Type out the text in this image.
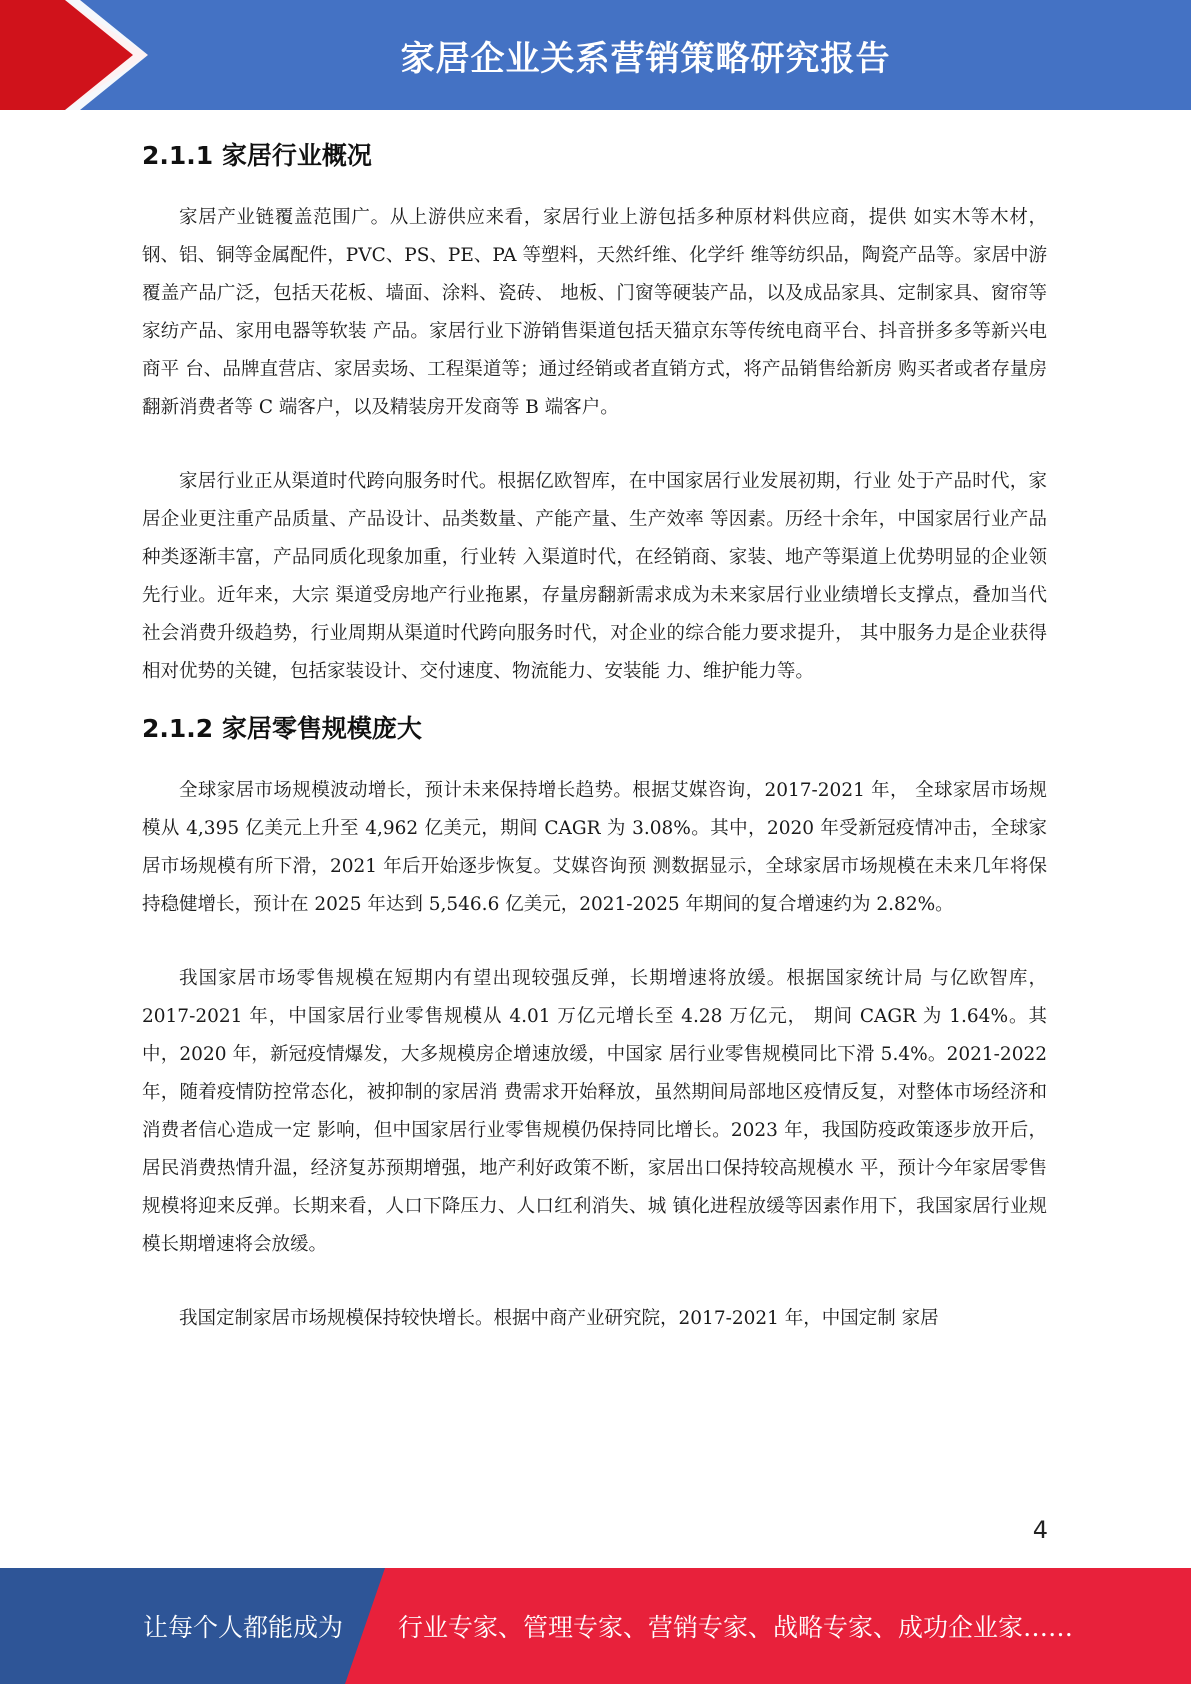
家居企业关系营销策略研究报告
2.1.1 家居行业概况

家居产业链覆盖范围广。从上游供应来看，家居行业上游包括多种原材料供应商，提供 如实木等木材，钢、铝、铜等金属配件，PVC、PS、PE、PA 等塑料，天然纤维、化学纤 维等纺织品，陶瓷产品等。家居中游覆盖产品广泛，包括天花板、墙面、涂料、瓷砖、 地板、门窗等硬装产品，以及成品家具、定制家具、窗帘等家纺产品、家用电器等软装 产品。家居行业下游销售渠道包括天猫京东等传统电商平台、抖音拼多多等新兴电商平 台、品牌直营店、家居卖场、工程渠道等；通过经销或者直销方式，将产品销售给新房 购买者或者存量房翻新消费者等 C 端客户，以及精装房开发商等 B 端客户。

家居行业正从渠道时代跨向服务时代。根据亿欧智库，在中国家居行业发展初期，行业 处于产品时代，家居企业更注重产品质量、产品设计、品类数量、产能产量、生产效率 等因素。历经十余年，中国家居行业产品种类逐渐丰富，产品同质化现象加重，行业转 入渠道时代，在经销商、家装、地产等渠道上优势明显的企业领先行业。近年来，大宗 渠道受房地产行业拖累，存量房翻新需求成为未来家居行业业绩增长支撑点，叠加当代 社会消费升级趋势，行业周期从渠道时代跨向服务时代，对企业的综合能力要求提升， 其中服务力是企业获得相对优势的关键，包括家装设计、交付速度、物流能力、安装能 力、维护能力等。

2.1.2 家居零售规模庞大

全球家居市场规模波动增长，预计未来保持增长趋势。根据艾媒咨询，2017-2021 年， 全球家居市场规模从 4,395 亿美元上升至 4,962 亿美元，期间 CAGR 为 3.08%。其中，2020 年受新冠疫情冲击，全球家居市场规模有所下滑，2021 年后开始逐步恢复。艾媒咨询预 测数据显示，全球家居市场规模在未来几年将保持稳健增长，预计在 2025 年达到 5,546.6 亿美元，2021-2025 年期间的复合增速约为 2.82%。

我国家居市场零售规模在短期内有望出现较强反弹，长期增速将放缓。根据国家统计局 与亿欧智库，2017-2021 年，中国家居行业零售规模从 4.01 万亿元增长至 4.28 万亿元， 期间 CAGR 为 1.64%。其中，2020 年，新冠疫情爆发，大多规模房企增速放缓，中国家 居行业零售规模同比下滑 5.4%。2021-2022 年，随着疫情防控常态化，被抑制的家居消 费需求开始释放，虽然期间局部地区疫情反复，对整体市场经济和消费者信心造成一定 影响，但中国家居行业零售规模仍保持同比增长。2023 年，我国防疫政策逐步放开后，居民消费热情升温，经济复苏预期增强，地产利好政策不断，家居出口保持较高规模水 平，预计今年家居零售规模将迎来反弹。长期来看，人口下降压力、人口红利消失、城 镇化进程放缓等因素作用下，我国家居行业规模长期增速将会放缓。

我国定制家居市场规模保持较快增长。根据中商产业研究院，2017-2021 年，中国定制 家居

4
让每个人都能成为 行业专家、管理专家、营销专家、战略专家、成功企业家……
